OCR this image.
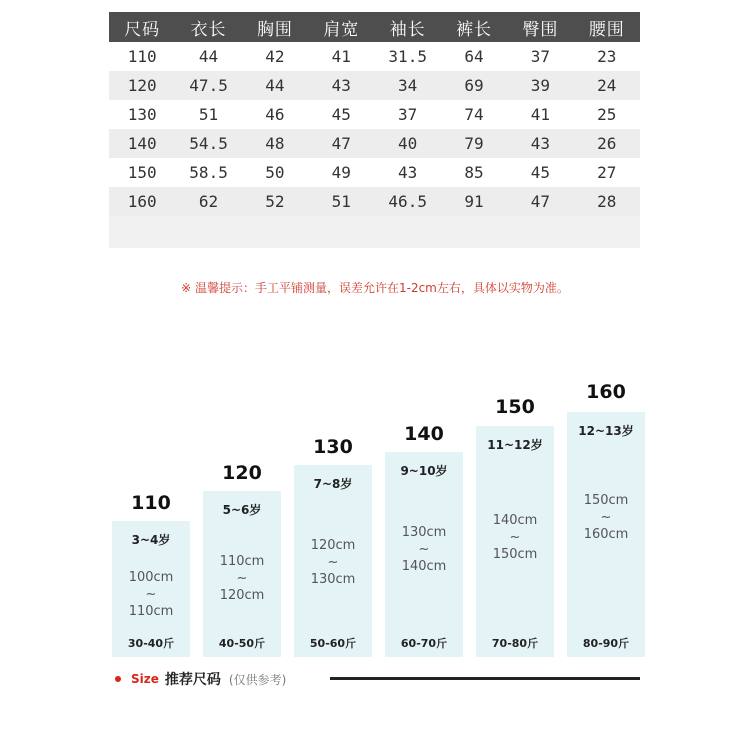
尺码	衣长	胸围	肩宽	袖长	裤长	臀围	腰围
110	44	42	41	31.5	64	37	23
120	47.5	44	43	34	69	39	24
130	51	46	45	37	74	41	25
140	54.5	48	47	40	79	43	26
150	58.5	50	49	43	85	45	27
160	62	52	51	46.5	91	47	28
※ 温馨提示：手工平铺测量，误差允许在1-2cm左右，具体以实物为准。
110
3~4岁
100cm
~
110cm
30-40斤
120
5~6岁
110cm
~
120cm
40-50斤
130
7~8岁
120cm
~
130cm
50-60斤
140
9~10岁
130cm
~
140cm
60-70斤
150
11~12岁
140cm
~
150cm
70-80斤
160
12~13岁
150cm
~
160cm
80-90斤
Size 推荐尺码 (仅供参考)
